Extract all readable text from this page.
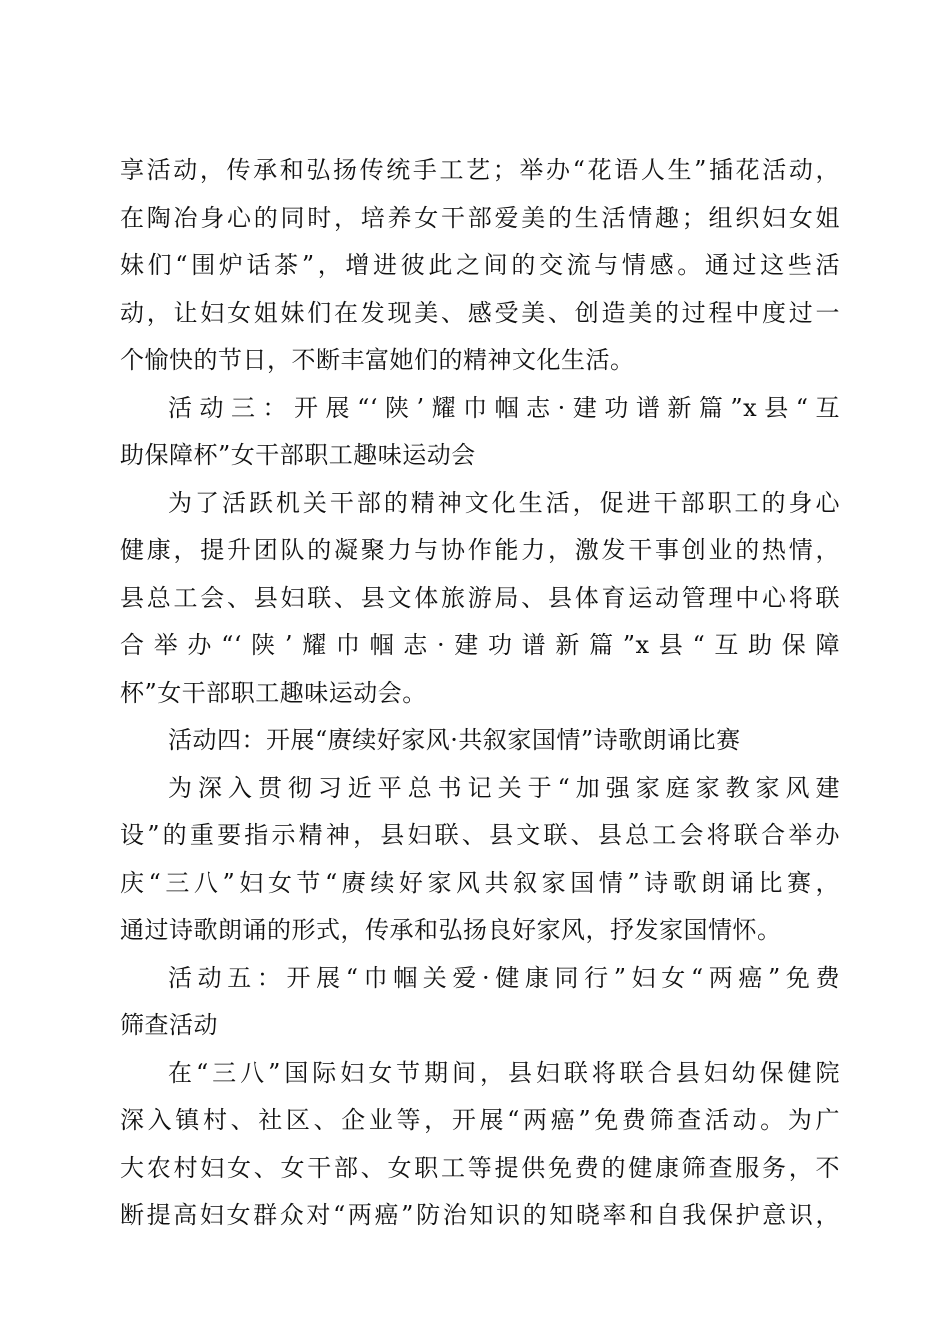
享活动，传承和弘扬传统手工艺；举办“花语人生”插花活动，
在陶冶身心的同时，培养女干部爱美的生活情趣；组织妇女姐
妹们“围炉话茶”，增进彼此之间的交流与情感。通过这些活
动，让妇女姐妹们在发现美、感受美、创造美的过程中度过一
个愉快的节日，不断丰富她们的精神文化生活。
活动三：开展“‘陕’耀巾帼志·建功谱新篇”x县“互
助保障杯”女干部职工趣味运动会
为了活跃机关干部的精神文化生活，促进干部职工的身心
健康，提升团队的凝聚力与协作能力，激发干事创业的热情，
县总工会、县妇联、县文体旅游局、县体育运动管理中心将联
合举办“‘陕’耀巾帼志·建功谱新篇”x县“互助保障
杯”女干部职工趣味运动会。
活动四：开展“赓续好家风·共叙家国情”诗歌朗诵比赛
为深入贯彻习近平总书记关于“加强家庭家教家风建
设”的重要指示精神，县妇联、县文联、县总工会将联合举办
庆“三八”妇女节“赓续好家风共叙家国情”诗歌朗诵比赛，
通过诗歌朗诵的形式，传承和弘扬良好家风，抒发家国情怀。
活动五：开展“巾帼关爱·健康同行”妇女“两癌”免费
筛查活动
在“三八”国际妇女节期间，县妇联将联合县妇幼保健院
深入镇村、社区、企业等，开展“两癌”免费筛查活动。为广
大农村妇女、女干部、女职工等提供免费的健康筛查服务，不
断提高妇女群众对“两癌”防治知识的知晓率和自我保护意识，
